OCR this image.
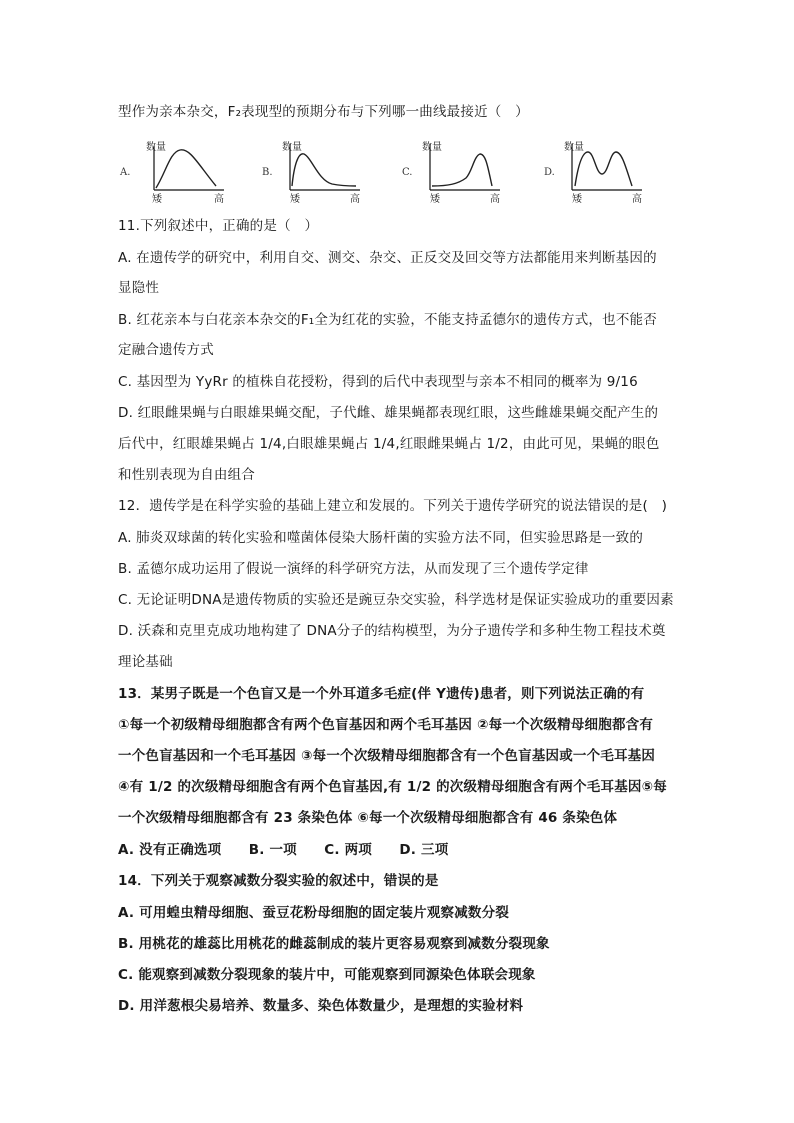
型作为亲本杂交，F₂表现型的预期分布与下列哪一曲线最接近（　）
A.
数量
矮	高
B.
数量
矮	高
C.
数量
矮	高
D.
数量
矮	高
11.下列叙述中，正确的是（　）
A. 在遗传学的研究中，利用自交、测交、杂交、正反交及回交等方法都能用来判断基因的
显隐性
B. 红花亲本与白花亲本杂交的F₁全为红花的实验，不能支持孟德尔的遗传方式，也不能否
定融合遗传方式
C. 基因型为 YyRr 的植株自花授粉，得到的后代中表现型与亲本不相同的概率为 9/16
D. 红眼雌果蝇与白眼雄果蝇交配，子代雌、雄果蝇都表现红眼，这些雌雄果蝇交配产生的
后代中，红眼雄果蝇占 1/4,白眼雄果蝇占 1/4,红眼雌果蝇占 1/2，由此可见，果蝇的眼色
和性别表现为自由组合
12．遗传学是在科学实验的基础上建立和发展的。下列关于遗传学研究的说法错误的是(　)
A. 肺炎双球菌的转化实验和噬菌体侵染大肠杆菌的实验方法不同，但实验思路是一致的
B. 孟德尔成功运用了假说一演绎的科学研究方法，从而发现了三个遗传学定律
C. 无论证明DNA是遗传物质的实验还是豌豆杂交实验，科学选材是保证实验成功的重要因素
D. 沃森和克里克成功地构建了 DNA分子的结构模型，为分子遗传学和多种生物工程技术奠
理论基础
13．某男子既是一个色盲又是一个外耳道多毛症(伴 Y遗传)患者，则下列说法正确的有
①每一个初级精母细胞都含有两个色盲基因和两个毛耳基因 ②每一个次级精母细胞都含有
一个色盲基因和一个毛耳基因 ③每一个次级精母细胞都含有一个色盲基因或一个毛耳基因
④有 1/2 的次级精母细胞含有两个色盲基因,有 1/2 的次级精母细胞含有两个毛耳基因⑤每
一个次级精母细胞都含有 23 条染色体 ⑥每一个次级精母细胞都含有 46 条染色体
A. 没有正确选项　　B. 一项　　C. 两项　　D. 三项
14．下列关于观察减数分裂实验的叙述中，错误的是
A. 可用蝗虫精母细胞、蚕豆花粉母细胞的固定装片观察减数分裂
B. 用桃花的雄蕊比用桃花的雌蕊制成的装片更容易观察到减数分裂现象
C. 能观察到减数分裂现象的装片中，可能观察到同源染色体联会现象
D. 用洋葱根尖易培养、数量多、染色体数量少，是理想的实验材料
